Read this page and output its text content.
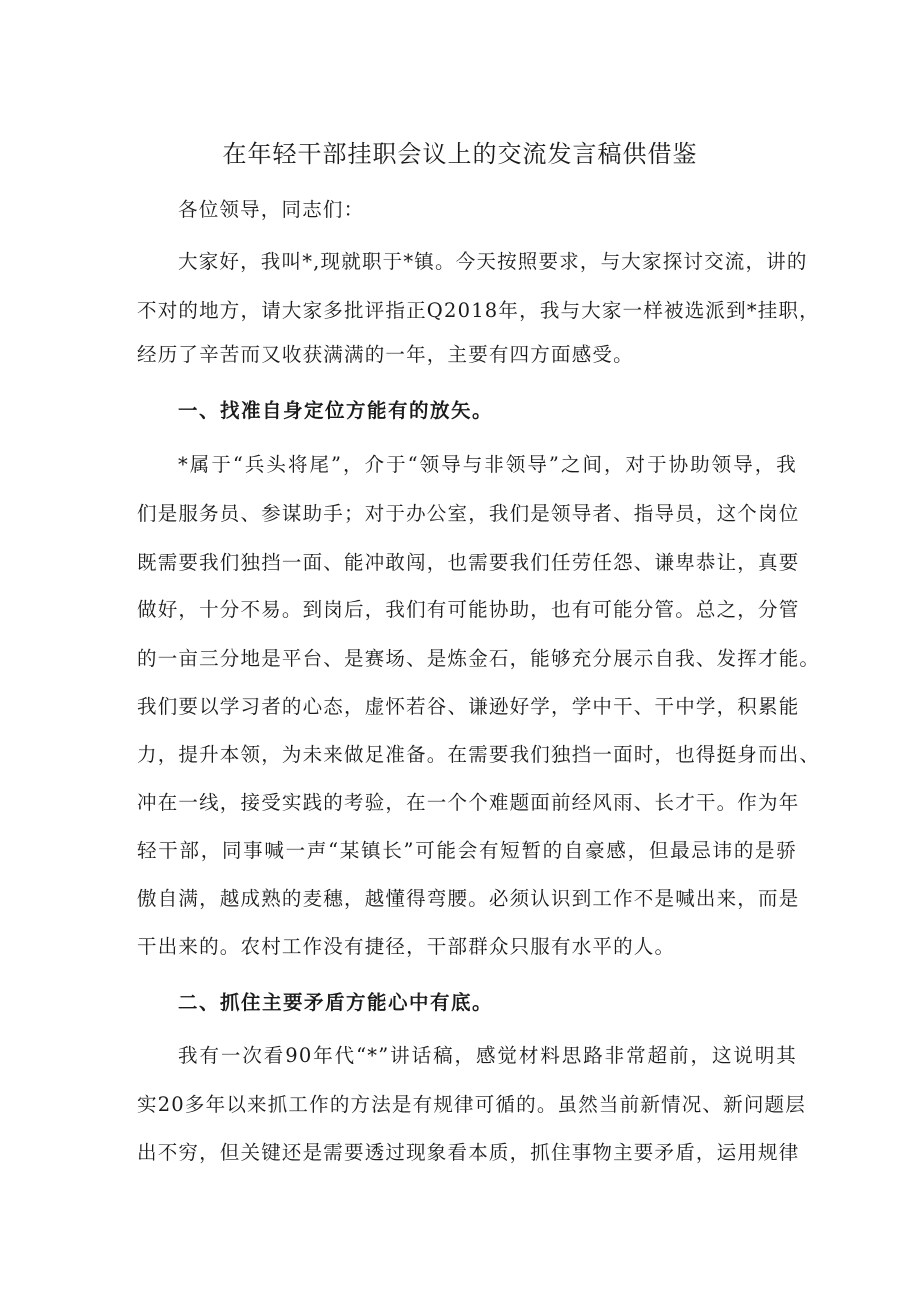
在年轻干部挂职会议上的交流发言稿供借鉴
各位领导，同志们：
大家好，我叫*,现就职于*镇。今天按照要求，与大家探讨交流，讲的
不对的地方，请大家多批评指正Q2018年，我与大家一样被选派到*挂职，
经历了辛苦而又收获满满的一年，主要有四方面感受。
一、找准自身定位方能有的放矢。
*属于“兵头将尾”，介于“领导与非领导”之间，对于协助领导，我
们是服务员、参谋助手；对于办公室，我们是领导者、指导员，这个岗位
既需要我们独挡一面、能冲敢闯，也需要我们任劳任怨、谦卑恭让，真要
做好，十分不易。到岗后，我们有可能协助，也有可能分管。总之，分管
的一亩三分地是平台、是赛场、是炼金石，能够充分展示自我、发挥才能。
我们要以学习者的心态，虚怀若谷、谦逊好学，学中干、干中学，积累能
力，提升本领，为未来做足准备。在需要我们独挡一面时，也得挺身而出、
冲在一线，接受实践的考验，在一个个难题面前经风雨、长才干。作为年
轻干部，同事喊一声“某镇长”可能会有短暂的自豪感，但最忌讳的是骄
傲自满，越成熟的麦穗，越懂得弯腰。必须认识到工作不是喊出来，而是
干出来的。农村工作没有捷径，干部群众只服有水平的人。
二、抓住主要矛盾方能心中有底。
我有一次看90年代“*”讲话稿，感觉材料思路非常超前，这说明其
实20多年以来抓工作的方法是有规律可循的。虽然当前新情况、新问题层
出不穷，但关键还是需要透过现象看本质，抓住事物主要矛盾，运用规律
